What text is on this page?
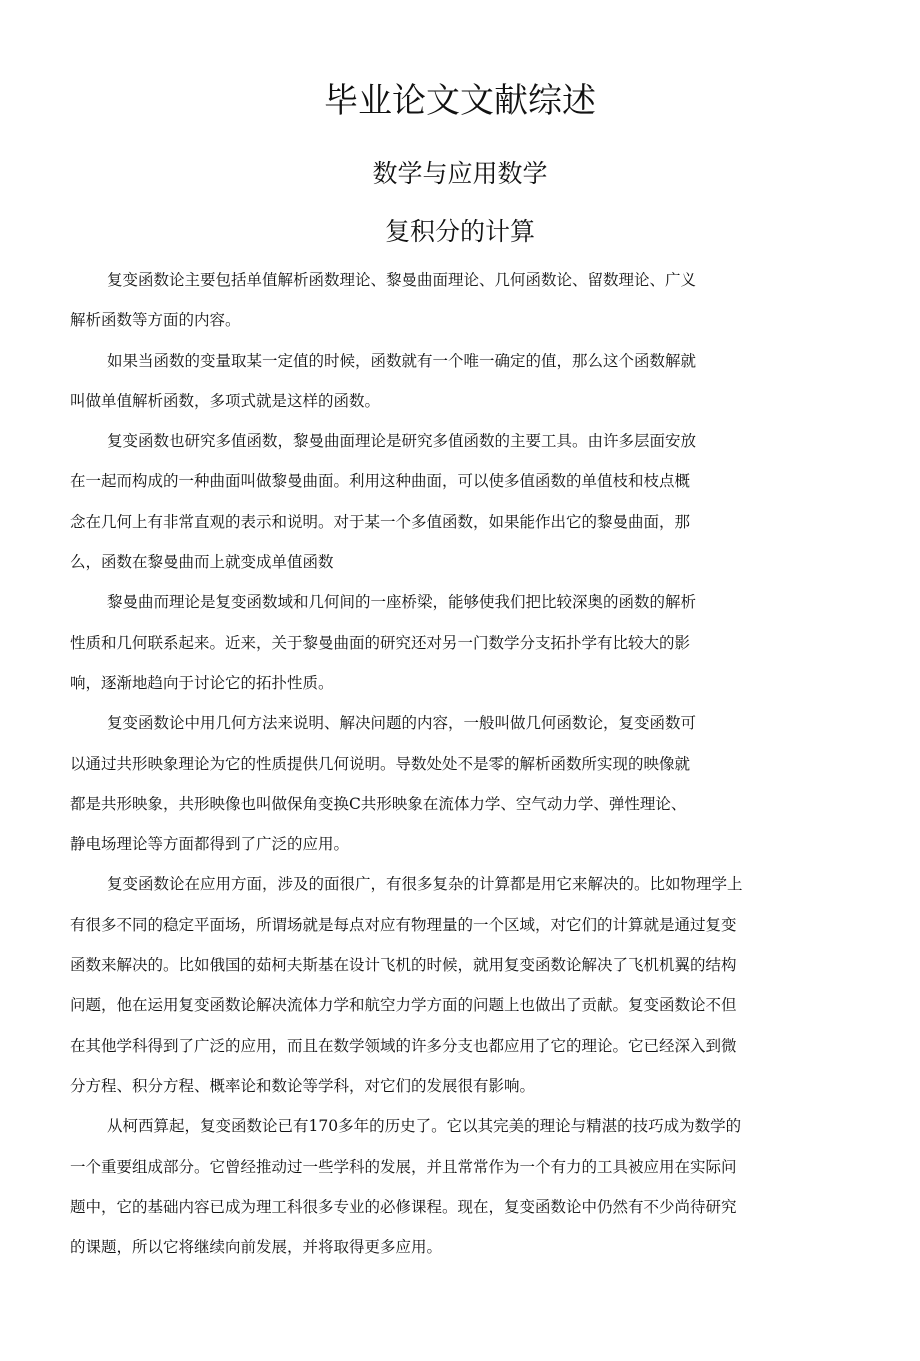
毕业论文文献综述
数学与应用数学
复积分的计算

复变函数论主要包括单值解析函数理论、黎曼曲面理论、几何函数论、留数理论、广义
解析函数等方面的内容。

如果当函数的变量取某一定值的时候，函数就有一个唯一确定的值，那么这个函数解就
叫做单值解析函数，多项式就是这样的函数。

复变函数也研究多值函数，黎曼曲面理论是研究多值函数的主要工具。由许多层面安放
在一起而构成的一种曲面叫做黎曼曲面。利用这种曲面，可以使多值函数的单值枝和枝点概
念在几何上有非常直观的表示和说明。对于某一个多值函数，如果能作出它的黎曼曲面，那
么，函数在黎曼曲而上就变成单值函数

黎曼曲而理论是复变函数域和几何间的一座桥梁，能够使我们把比较深奥的函数的解析
性质和几何联系起来。近来，关于黎曼曲面的研究还对另一门数学分支拓扑学有比较大的影
响，逐渐地趋向于讨论它的拓扑性质。

复变函数论中用几何方法来说明、解决问题的内容，一般叫做几何函数论，复变函数可
以通过共形映象理论为它的性质提供几何说明。导数处处不是零的解析函数所实现的映像就
都是共形映象，共形映像也叫做保角变换C共形映象在流体力学、空气动力学、弹性理论、
静电场理论等方面都得到了广泛的应用。

复变函数论在应用方面，涉及的面很广，有很多复杂的计算都是用它来解决的。比如物理学上
有很多不同的稳定平面场，所谓场就是每点对应有物理量的一个区域，对它们的计算就是通过复变
函数来解决的。比如俄国的茹柯夫斯基在设计飞机的时候，就用复变函数论解决了飞机机翼的结构
问题，他在运用复变函数论解决流体力学和航空力学方面的问题上也做出了贡献。复变函数论不但
在其他学科得到了广泛的应用，而且在数学领域的许多分支也都应用了它的理论。它已经深入到微
分方程、积分方程、概率论和数论等学科，对它们的发展很有影响。

从柯西算起，复变函数论已有170多年的历史了。它以其完美的理论与精湛的技巧成为数学的
一个重要组成部分。它曾经推动过一些学科的发展，并且常常作为一个有力的工具被应用在实际问
题中，它的基础内容已成为理工科很多专业的必修课程。现在，复变函数论中仍然有不少尚待研究
的课题，所以它将继续向前发展，并将取得更多应用。
